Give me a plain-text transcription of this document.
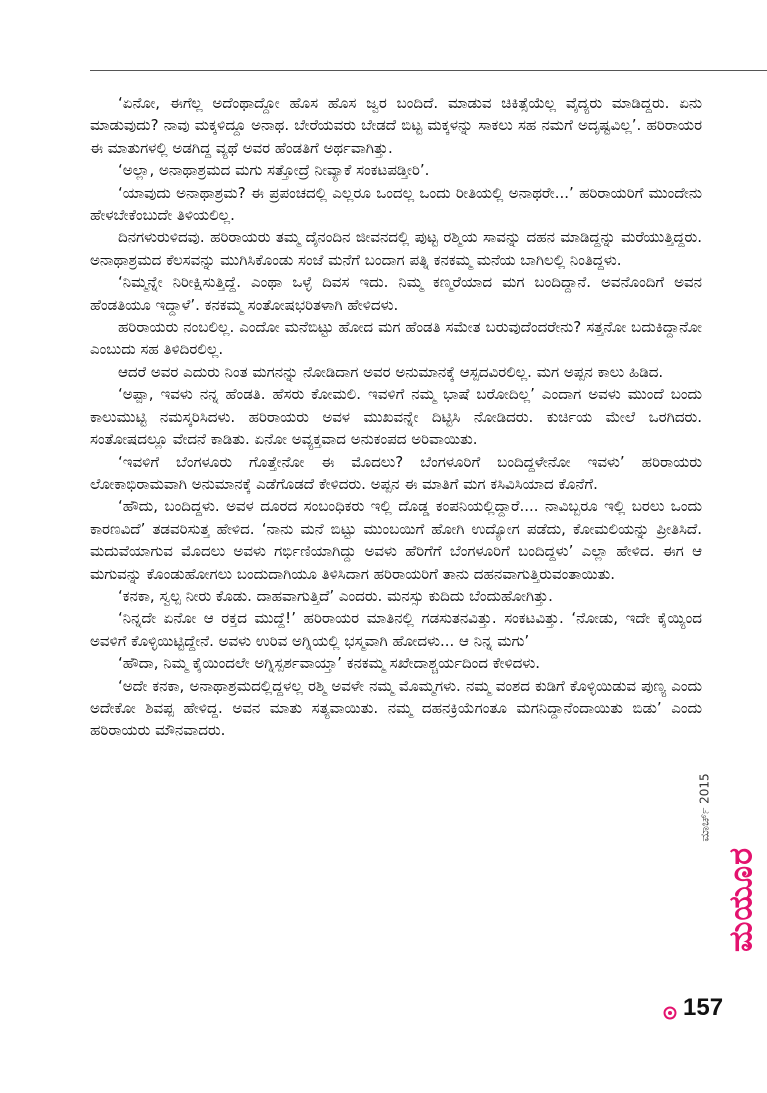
‘ಏನೋ, ಈಗೆಲ್ಲ ಅದೆಂಥಾದ್ದೋ ಹೊಸ ಹೊಸ ಜ್ವರ ಬಂದಿದೆ. ಮಾಡುವ ಚಿಕಿತ್ಸೆಯೆಲ್ಲ ವೈದ್ಯರು ಮಾಡಿದ್ದರು. ಏನು ಮಾಡುವುದು? ನಾವು ಮಕ್ಕಳಿದ್ದೂ ಅನಾಥ. ಬೇರೆಯವರು ಬೇಡದೆ ಬಿಟ್ಟ ಮಕ್ಕಳನ್ನು ಸಾಕಲು ಸಹ ನಮಗೆ ಅದೃಷ್ಟವಿಲ್ಲ’. ಹರಿರಾಯರ ಈ ಮಾತುಗಳಲ್ಲಿ ಅಡಗಿದ್ದ ವ್ಯಥೆ ಅವರ ಹೆಂಡತಿಗೆ ಅರ್ಥವಾಗಿತ್ತು.

‘ಅಲ್ಲಾ, ಅನಾಥಾಶ್ರಮದ ಮಗು ಸತ್ತೋದ್ರೆ ನೀವ್ಯಾಕೆ ಸಂಕಟಪಡ್ತೀರಿ’.

‘ಯಾವುದು ಅನಾಥಾಶ್ರಮ? ಈ ಪ್ರಪಂಚದಲ್ಲಿ ಎಲ್ಲರೂ ಒಂದಲ್ಲ ಒಂದು ರೀತಿಯಲ್ಲಿ ಅನಾಥರೇ...’ ಹರಿರಾಯರಿಗೆ ಮುಂದೇನು ಹೇಳಬೇಕೆಂಬುದೇ ತಿಳಿಯಲಿಲ್ಲ.

ದಿನಗಳುರುಳಿದವು. ಹರಿರಾಯರು ತಮ್ಮ ದೈನಂದಿನ ಜೀವನದಲ್ಲಿ ಪುಟ್ಟ ರಶ್ಮಿಯ ಸಾವನ್ನು ದಹನ ಮಾಡಿದ್ದನ್ನು ಮರೆಯುತ್ತಿದ್ದರು. ಅನಾಥಾಶ್ರಮದ ಕೆಲಸವನ್ನು ಮುಗಿಸಿಕೊಂಡು ಸಂಜೆ ಮನೆಗೆ ಬಂದಾಗ ಪತ್ನಿ ಕನಕಮ್ಮ ಮನೆಯ ಬಾಗಿಲಲ್ಲಿ ನಿಂತಿದ್ದಳು.

‘ನಿಮ್ಮನ್ನೇ ನಿರೀಕ್ಷಿಸುತ್ತಿದ್ದೆ. ಎಂಥಾ ಒಳ್ಳೆ ದಿವಸ ಇದು. ನಿಮ್ಮ ಕಣ್ಮರೆಯಾದ ಮಗ ಬಂದಿದ್ದಾನೆ. ಅವನೊಂದಿಗೆ ಅವನ ಹೆಂಡತಿಯೂ ಇದ್ದಾಳೆ’. ಕನಕಮ್ಮ ಸಂತೋಷಭರಿತಳಾಗಿ ಹೇಳಿದಳು.

ಹರಿರಾಯರು ನಂಬಲಿಲ್ಲ. ಎಂದೋ ಮನೆಬಿಟ್ಟು ಹೋದ ಮಗ ಹೆಂಡತಿ ಸಮೇತ ಬರುವುದೆಂದರೇನು? ಸತ್ತನೋ ಬದುಕಿದ್ದಾನೋ ಎಂಬುದು ಸಹ ತಿಳಿದಿರಲಿಲ್ಲ.

ಆದರೆ ಅವರ ಎದುರು ನಿಂತ ಮಗನನ್ನು ನೋಡಿದಾಗ ಅವರ ಅನುಮಾನಕ್ಕೆ ಆಸ್ಪದವಿರಲಿಲ್ಲ. ಮಗ ಅಪ್ಪನ ಕಾಲು ಹಿಡಿದ.

‘ಅಪ್ಪಾ, ಇವಳು ನನ್ನ ಹೆಂಡತಿ. ಹೆಸರು ಕೋಮಲಿ. ಇವಳಿಗೆ ನಮ್ಮ ಭಾಷೆ ಬರೋದಿಲ್ಲ’ ಎಂದಾಗ ಅವಳು ಮುಂದೆ ಬಂದು ಕಾಲುಮುಟ್ಟಿ ನಮಸ್ಕರಿಸಿದಳು. ಹರಿರಾಯರು ಅವಳ ಮುಖವನ್ನೇ ದಿಟ್ಟಿಸಿ ನೋಡಿದರು. ಕುರ್ಚಿಯ ಮೇಲೆ ಒರಗಿದರು. ಸಂತೋಷದಲ್ಲೂ ವೇದನೆ ಕಾಡಿತು. ಏನೋ ಅವ್ಯಕ್ತವಾದ ಅನುಕಂಪದ ಅರಿವಾಯಿತು.

‘ಇವಳಿಗೆ ಬೆಂಗಳೂರು ಗೊತ್ತೇನೋ ಈ ಮೊದಲು? ಬೆಂಗಳೂರಿಗೆ ಬಂದಿದ್ದಳೇನೋ ಇವಳು’ ಹರಿರಾಯರು ಲೋಕಾಭಿರಾಮವಾಗಿ ಅನುಮಾನಕ್ಕೆ ಎಡೆಗೊಡದೆ ಕೇಳಿದರು. ಅಪ್ಪನ ಈ ಮಾತಿಗೆ ಮಗ ಕಸಿವಿಸಿಯಾದ ಕೊನೆಗೆ.

‘ಹೌದು, ಬಂದಿದ್ದಳು. ಅವಳ ದೂರದ ಸಂಬಂಧಿಕರು ಇಲ್ಲಿ ದೊಡ್ಡ ಕಂಪನಿಯಲ್ಲಿದ್ದಾರೆ.... ನಾವಿಬ್ಬರೂ ಇಲ್ಲಿ ಬರಲು ಒಂದು ಕಾರಣವಿದೆ’ ತಡವರಿಸುತ್ತ ಹೇಳಿದ. ‘ನಾನು ಮನೆ ಬಿಟ್ಟು ಮುಂಬಯಿಗೆ ಹೋಗಿ ಉದ್ಯೋಗ ಪಡೆದು, ಕೋಮಲಿಯನ್ನು ಪ್ರೀತಿಸಿದೆ. ಮದುವೆಯಾಗುವ ಮೊದಲು ಅವಳು ಗರ್ಭಿಣಿಯಾಗಿದ್ದು ಅವಳು ಹೆರಿಗೆಗೆ ಬೆಂಗಳೂರಿಗೆ ಬಂದಿದ್ದಳು’ ಎಲ್ಲಾ ಹೇಳಿದ. ಈಗ ಆ ಮಗುವನ್ನು ಕೊಂಡುಹೋಗಲು ಬಂದುದಾಗಿಯೂ ತಿಳಿಸಿದಾಗ ಹರಿರಾಯರಿಗೆ ತಾನು ದಹನವಾಗುತ್ತಿರುವಂತಾಯಿತು.

‘ಕನಕಾ, ಸ್ವಲ್ಪ ನೀರು ಕೊಡು. ದಾಹವಾಗುತ್ತಿದೆ’ ಎಂದರು. ಮನಸ್ಸು ಕುದಿದು ಬೆಂದುಹೋಗಿತ್ತು.

‘ನಿನ್ನದೇ ಏನೋ ಆ ರಕ್ತದ ಮುದ್ದೆ!’ ಹರಿರಾಯರ ಮಾತಿನಲ್ಲಿ ಗಡಸುತನವಿತ್ತು. ಸಂಕಟವಿತ್ತು. ‘ನೋಡು, ಇದೇ ಕೈಯ್ಯಿಂದ ಅವಳಿಗೆ ಕೊಳ್ಳಿಯಿಟ್ಟಿದ್ದೇನೆ. ಅವಳು ಉರಿವ ಅಗ್ನಿಯಲ್ಲಿ ಭಸ್ಮವಾಗಿ ಹೋದಳು... ಆ ನಿನ್ನ ಮಗು’

‘ಹೌದಾ, ನಿಮ್ಮ ಕೈಯಿಂದಲೇ ಅಗ್ನಿಸ್ಪರ್ಶವಾಯ್ತಾ’ ಕನಕಮ್ಮ ಸಖೇದಾಶ್ಚರ್ಯದಿಂದ ಕೇಳಿದಳು.

‘ಅದೇ ಕನಕಾ, ಅನಾಥಾಶ್ರಮದಲ್ಲಿದ್ದಳಲ್ಲ ರಶ್ಮಿ ಅವಳೇ ನಮ್ಮ ಮೊಮ್ಮಗಳು. ನಮ್ಮ ವಂಶದ ಕುಡಿಗೆ ಕೊಳ್ಳಿಯಿಡುವ ಪುಣ್ಯ ಎಂದು ಅದೇಕೋ ಶಿವಪ್ಪ ಹೇಳಿದ್ದ. ಅವನ ಮಾತು ಸತ್ಯವಾಯಿತು. ನಮ್ಮ ದಹನಕ್ರಿಯೆಗಂತೂ ಮಗನಿದ್ದಾನೆಂದಾಯಿತು ಬಿಡು’ ಎಂದು ಹರಿರಾಯರು ಮೌನವಾದರು.

ಮಾರ್ಚ್ 2015
ಮಯೂರ
157
